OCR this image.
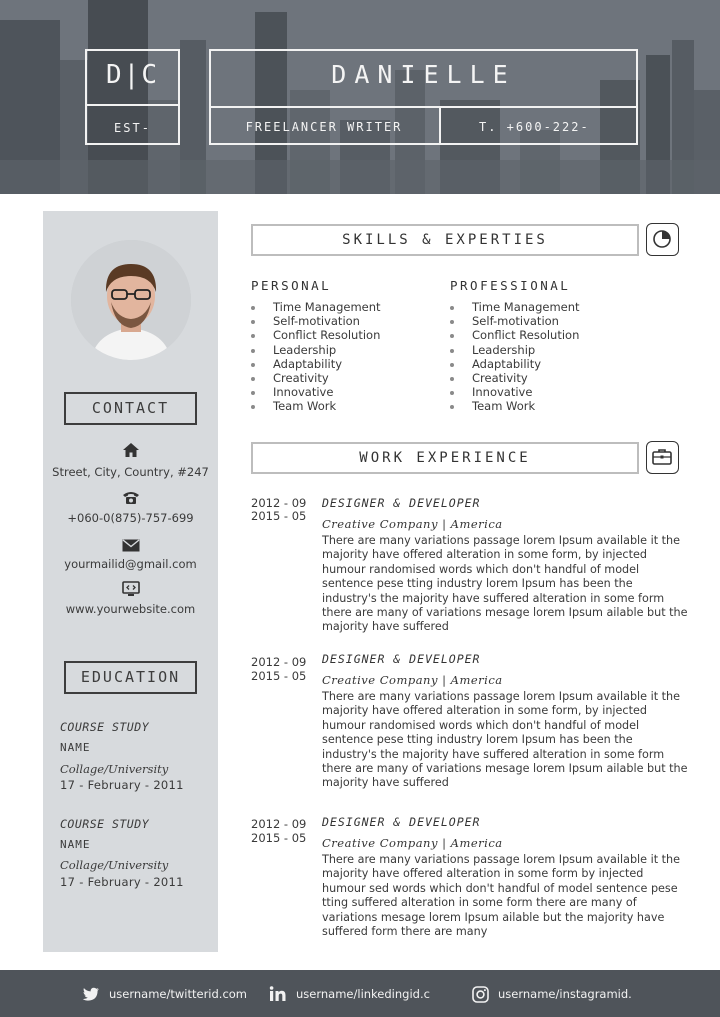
D|C
EST-
DANIELLE
FREELANCER WRITER	T. +600-222-
CONTACT
Street, City, Country, #247
+060-0(875)-757-699
yourmailid@gmail.com
www.yourwebsite.com
EDUCATION
COURSE STUDY
NAME
Collage/University
17 - February - 2011
COURSE STUDY
NAME
Collage/University
17 - February - 2011
SKILLS & EXPERTIES
PERSONAL
Time Management
Self-motivation
Conflict Resolution
Leadership
Adaptability
Creativity
Innovative
Team Work
PROFESSIONAL
Time Management
Self-motivation
Conflict Resolution
Leadership
Adaptability
Creativity
Innovative
Team Work
WORK EXPERIENCE
2012 - 09
2015 - 05
DESIGNER & DEVELOPER
Creative Company | America
There are many variations passage lorem Ipsum available it the majority have offered alteration in some form, by injected humour randomised words which don't handful of model sentence pese tting industry lorem Ipsum has been the industry's the majority have suffered alteration in some form there are many of variations mesage lorem Ipsum ailable but the majority have suffered
2012 - 09
2015 - 05
DESIGNER & DEVELOPER
Creative Company | America
There are many variations passage lorem Ipsum available it the majority have offered alteration in some form, by injected humour randomised words which don't handful of model sentence pese tting industry lorem Ipsum has been the industry's the majority have suffered alteration in some form there are many of variations mesage lorem Ipsum ailable but the majority have suffered
2012 - 09
2015 - 05
DESIGNER & DEVELOPER
Creative Company | America
There are many variations passage lorem Ipsum available it the majority have offered alteration in some form by injected humour sed words which don't handful of model sentence pese tting suffered alteration in some form there are many of variations mesage lorem Ipsum ailable but the majority have suffered form there are many
username/twitterid.com	username/linkedingid.c	username/instagramid.
